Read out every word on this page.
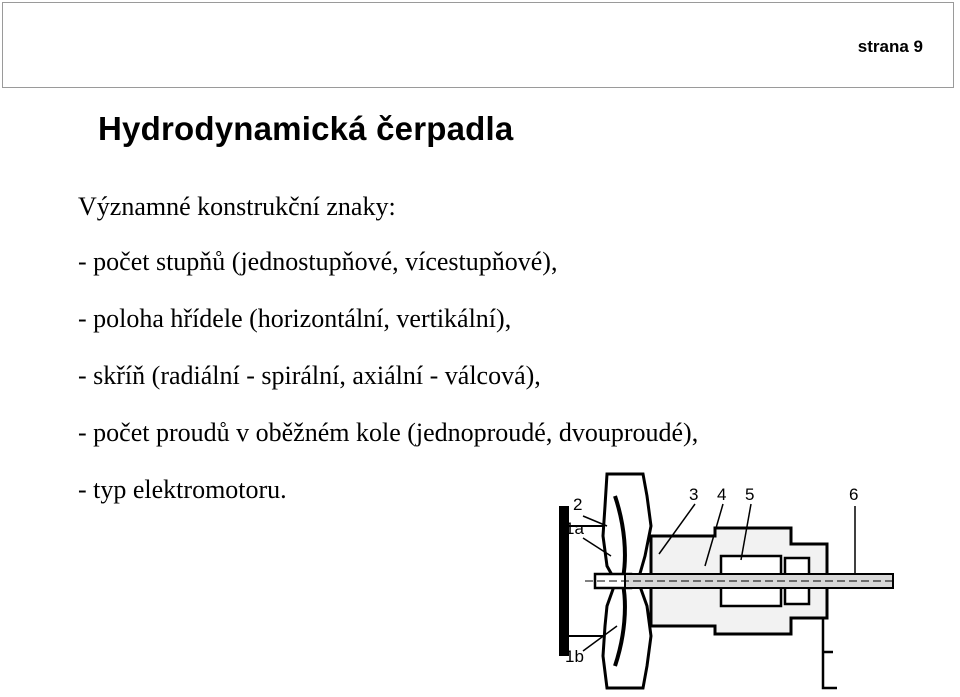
strana 9
Hydrodynamická čerpadla
Významné konstrukční znaky:
- počet stupňů (jednostupňové, vícestupňové),
- poloha hřídele (horizontální, vertikální),
- skříň (radiální - spirální, axiální - válcová),
- počet proudů v oběžném kole (jednoproudé, dvouproudé),
- typ elektromotoru.
2
1a
1b
3 4 5	6
